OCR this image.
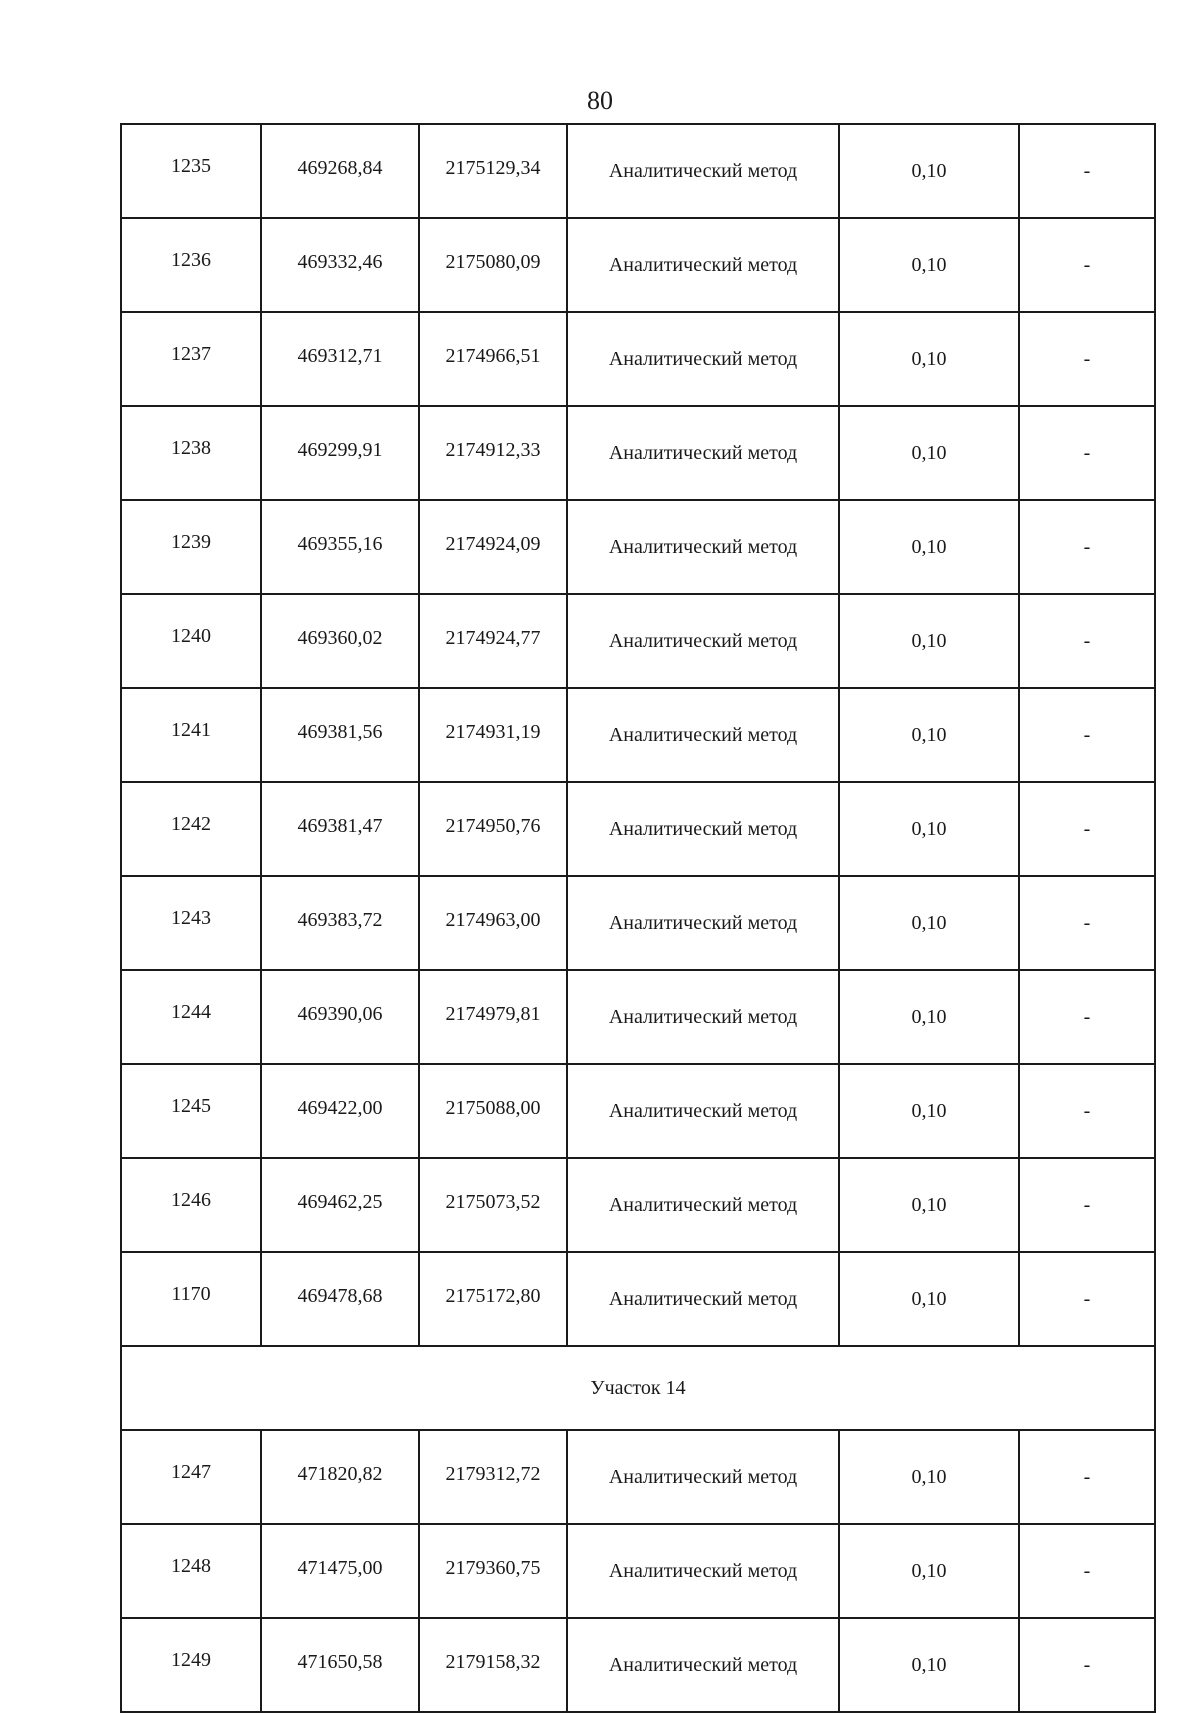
80
1235	469268,84	2175129,34	Аналитический метод	0,10	-
1236	469332,46	2175080,09	Аналитический метод	0,10	-
1237	469312,71	2174966,51	Аналитический метод	0,10	-
1238	469299,91	2174912,33	Аналитический метод	0,10	-
1239	469355,16	2174924,09	Аналитический метод	0,10	-
1240	469360,02	2174924,77	Аналитический метод	0,10	-
1241	469381,56	2174931,19	Аналитический метод	0,10	-
1242	469381,47	2174950,76	Аналитический метод	0,10	-
1243	469383,72	2174963,00	Аналитический метод	0,10	-
1244	469390,06	2174979,81	Аналитический метод	0,10	-
1245	469422,00	2175088,00	Аналитический метод	0,10	-
1246	469462,25	2175073,52	Аналитический метод	0,10	-
1170	469478,68	2175172,80	Аналитический метод	0,10	-
Участок 14					
1247	471820,82	2179312,72	Аналитический метод	0,10	-
1248	471475,00	2179360,75	Аналитический метод	0,10	-
1249	471650,58	2179158,32	Аналитический метод	0,10	-
